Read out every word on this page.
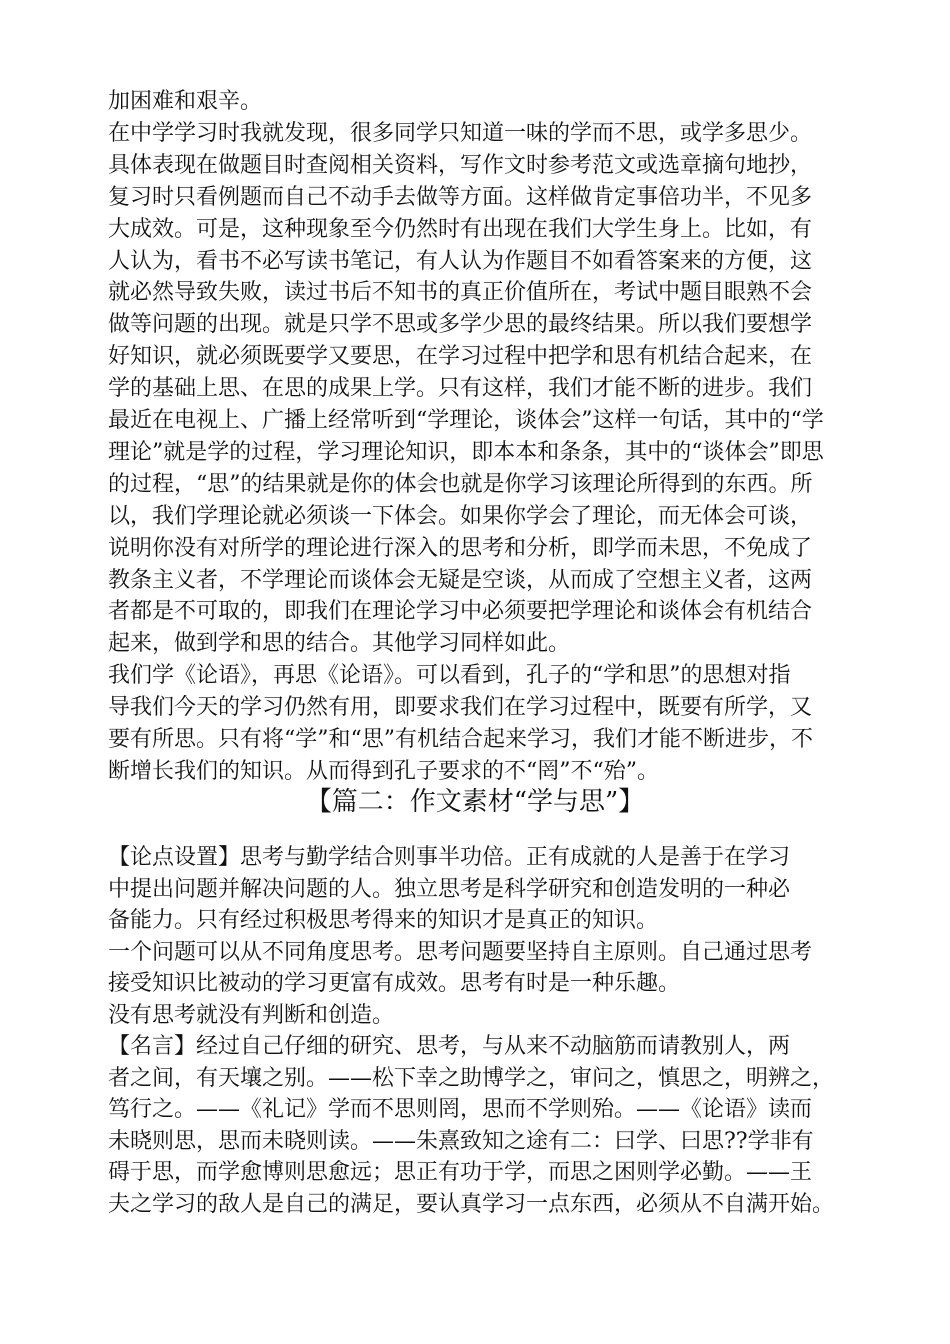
加困难和艰辛。
在中学学习时我就发现，很多同学只知道一味的学而不思，或学多思少。
具体表现在做题目时查阅相关资料，写作文时参考范文或选章摘句地抄，
复习时只看例题而自己不动手去做等方面。这样做肯定事倍功半，不见多
大成效。可是，这种现象至今仍然时有出现在我们大学生身上。比如，有
人认为，看书不必写读书笔记，有人认为作题目不如看答案来的方便，这
就必然导致失败，读过书后不知书的真正价值所在，考试中题目眼熟不会
做等问题的出现。就是只学不思或多学少思的最终结果。所以我们要想学
好知识，就必须既要学又要思，在学习过程中把学和思有机结合起来，在
学的基础上思、在思的成果上学。只有这样，我们才能不断的进步。我们
最近在电视上、广播上经常听到“学理论，谈体会”这样一句话，其中的“学
理论”就是学的过程，学习理论知识，即本本和条条，其中的“谈体会”即思
的过程，“思”的结果就是你的体会也就是你学习该理论所得到的东西。所
以，我们学理论就必须谈一下体会。如果你学会了理论，而无体会可谈，
说明你没有对所学的理论进行深入的思考和分析，即学而未思，不免成了
教条主义者，不学理论而谈体会无疑是空谈，从而成了空想主义者，这两
者都是不可取的，即我们在理论学习中必须要把学理论和谈体会有机结合
起来，做到学和思的结合。其他学习同样如此。
我们学《论语》，再思《论语》。可以看到，孔子的“学和思”的思想对指
导我们今天的学习仍然有用，即要求我们在学习过程中，既要有所学，又
要有所思。只有将“学”和“思”有机结合起来学习，我们才能不断进步，不
断增长我们的知识。从而得到孔子要求的不“罔”不“殆”。
【篇二：作文素材“学与思”】
【论点设置】思考与勤学结合则事半功倍。正有成就的人是善于在学习
中提出问题并解决问题的人。独立思考是科学研究和创造发明的一种必
备能力。只有经过积极思考得来的知识才是真正的知识。
一个问题可以从不同角度思考。思考问题要坚持自主原则。自己通过思考
接受知识比被动的学习更富有成效。思考有时是一种乐趣。
没有思考就没有判断和创造。
【名言】经过自己仔细的研究、思考，与从来不动脑筋而请教别人，两
者之间，有天壤之别。——松下幸之助博学之，审问之，慎思之，明辨之，
笃行之。——《礼记》学而不思则罔，思而不学则殆。——《论语》读而
未晓则思，思而未晓则读。——朱熹致知之途有二：曰学、曰思??学非有
碍于思，而学愈博则思愈远；思正有功于学，而思之困则学必勤。——王
夫之学习的敌人是自己的满足，要认真学习一点东西，必须从不自满开始。
